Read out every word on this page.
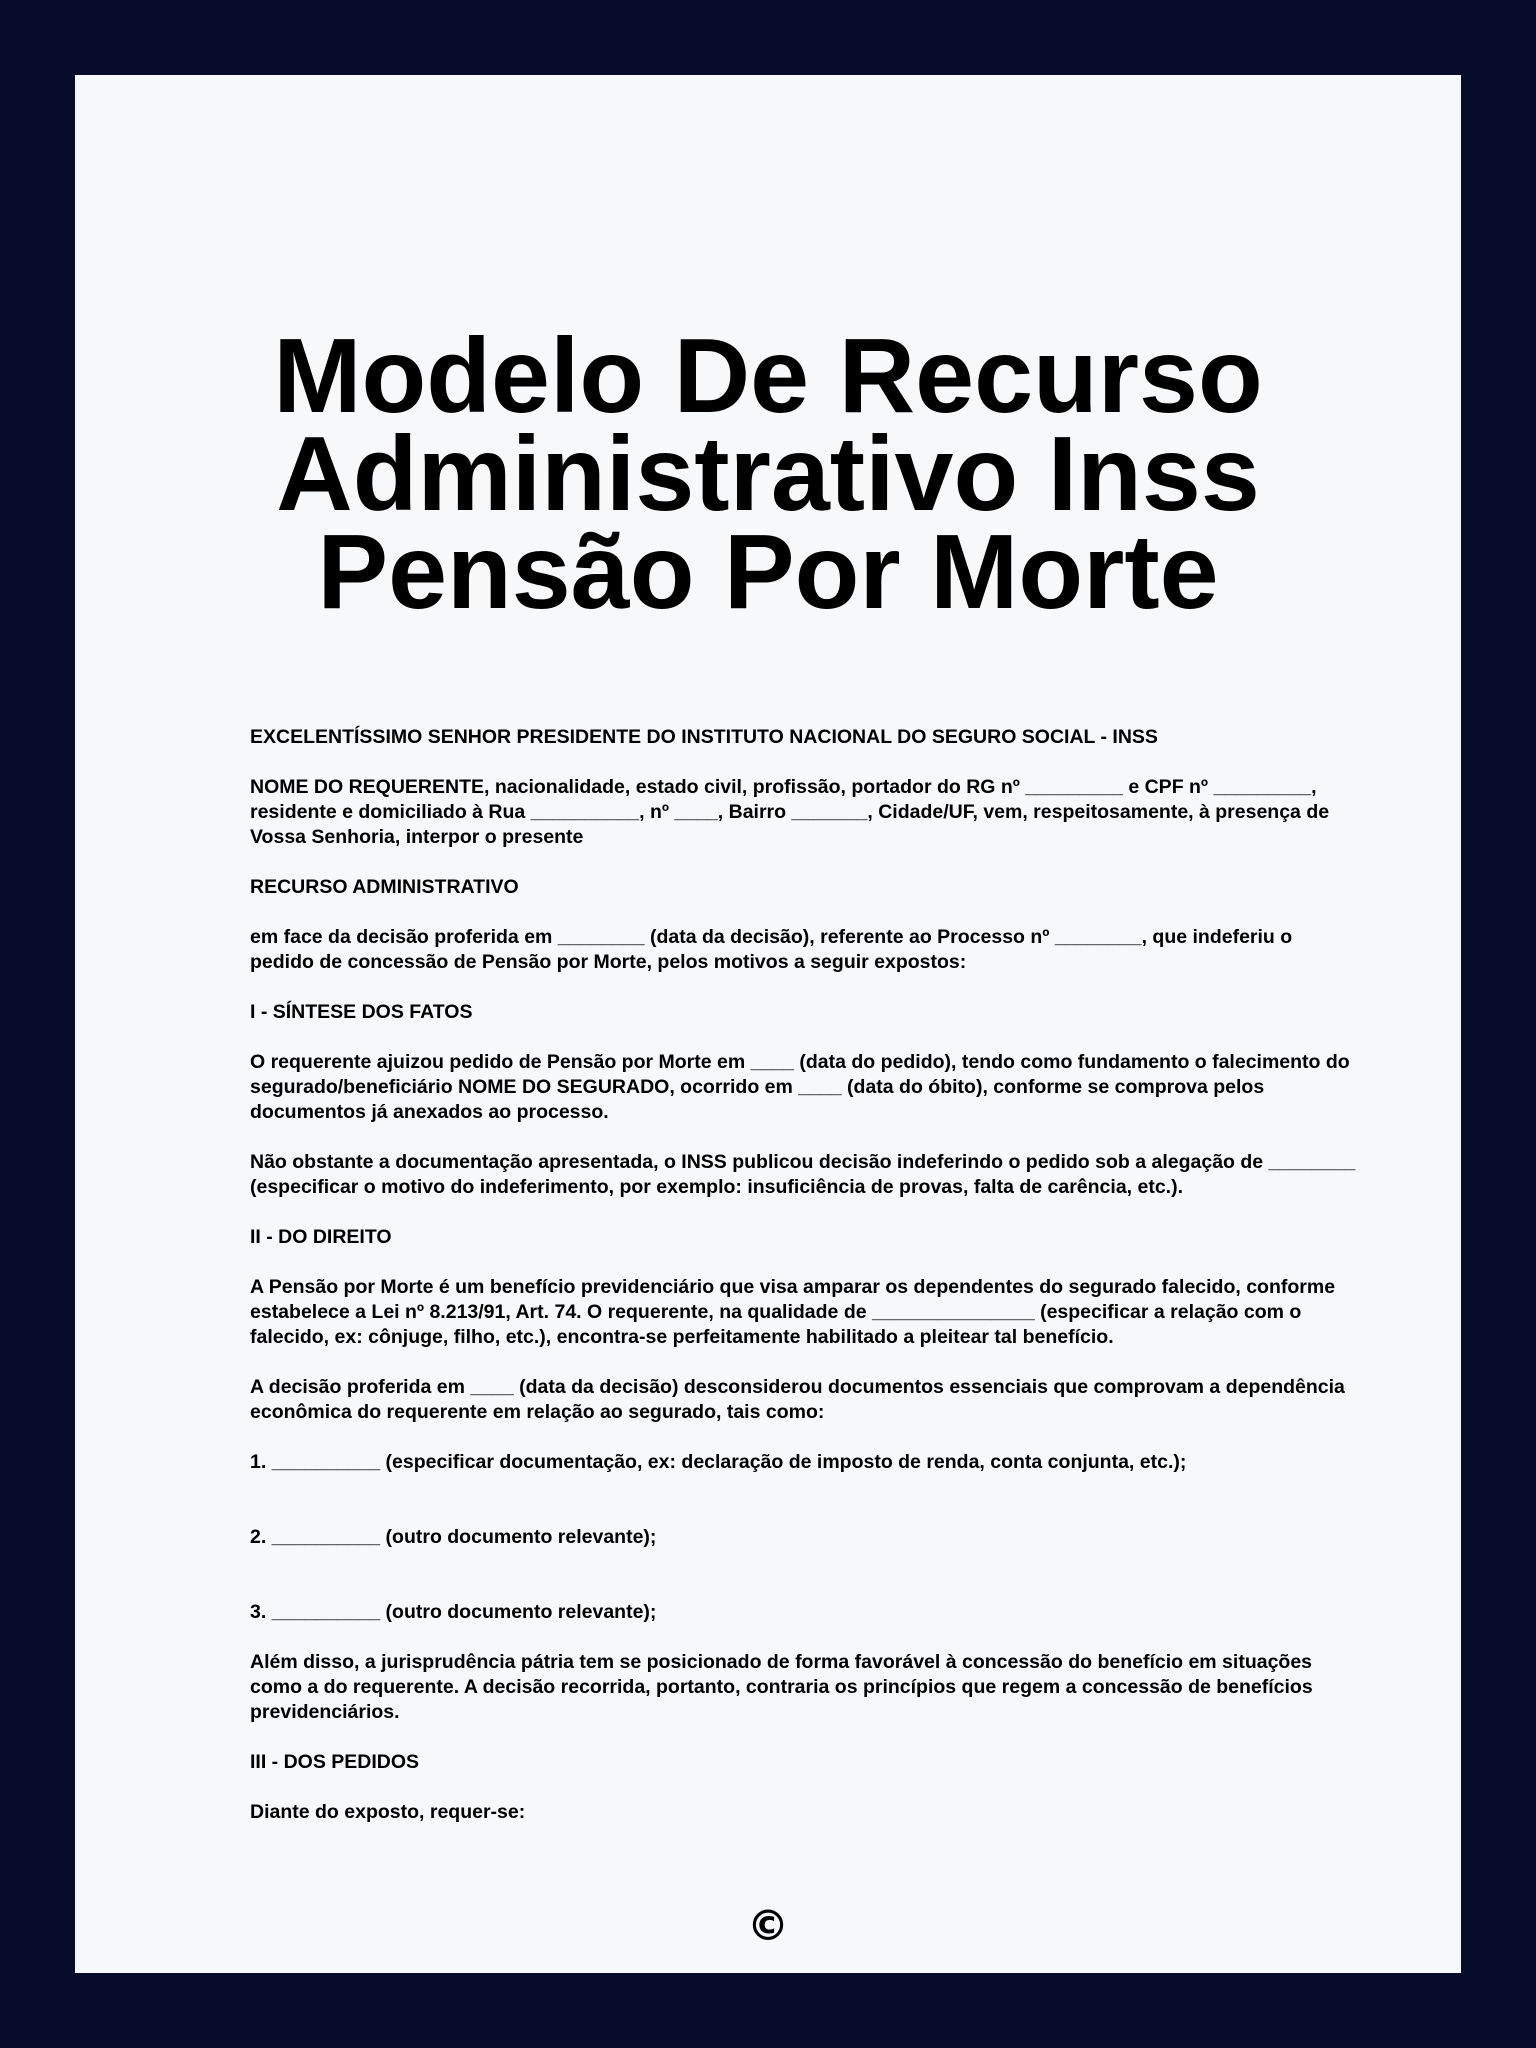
Modelo De Recurso Administrativo Inss Pensão Por Morte

EXCELENTÍSSIMO SENHOR PRESIDENTE DO INSTITUTO NACIONAL DO SEGURO SOCIAL - INSS

NOME DO REQUERENTE, nacionalidade, estado civil, profissão, portador do RG nº _________ e CPF nº _________, residente e domiciliado à Rua __________, nº ____, Bairro _______, Cidade/UF, vem, respeitosamente, à presença de Vossa Senhoria, interpor o presente

RECURSO ADMINISTRATIVO

em face da decisão proferida em ________ (data da decisão), referente ao Processo nº ________, que indeferiu o pedido de concessão de Pensão por Morte, pelos motivos a seguir expostos:

I - SÍNTESE DOS FATOS

O requerente ajuizou pedido de Pensão por Morte em ____ (data do pedido), tendo como fundamento o falecimento do segurado/beneficiário NOME DO SEGURADO, ocorrido em ____ (data do óbito), conforme se comprova pelos documentos já anexados ao processo.

Não obstante a documentação apresentada, o INSS publicou decisão indeferindo o pedido sob a alegação de ________ (especificar o motivo do indeferimento, por exemplo: insuficiência de provas, falta de carência, etc.).

II - DO DIREITO

A Pensão por Morte é um benefício previdenciário que visa amparar os dependentes do segurado falecido, conforme estabelece a Lei nº 8.213/91, Art. 74. O requerente, na qualidade de _______________ (especificar a relação com o falecido, ex: cônjuge, filho, etc.), encontra-se perfeitamente habilitado a pleitear tal benefício.

A decisão proferida em ____ (data da decisão) desconsiderou documentos essenciais que comprovam a dependência econômica do requerente em relação ao segurado, tais como:

1. __________ (especificar documentação, ex: declaração de imposto de renda, conta conjunta, etc.);

2. __________ (outro documento relevante);

3. __________ (outro documento relevante);

Além disso, a jurisprudência pátria tem se posicionado de forma favorável à concessão do benefício em situações como a do requerente. A decisão recorrida, portanto, contraria os princípios que regem a concessão de benefícios previdenciários.

III - DOS PEDIDOS

Diante do exposto, requer-se:

©
